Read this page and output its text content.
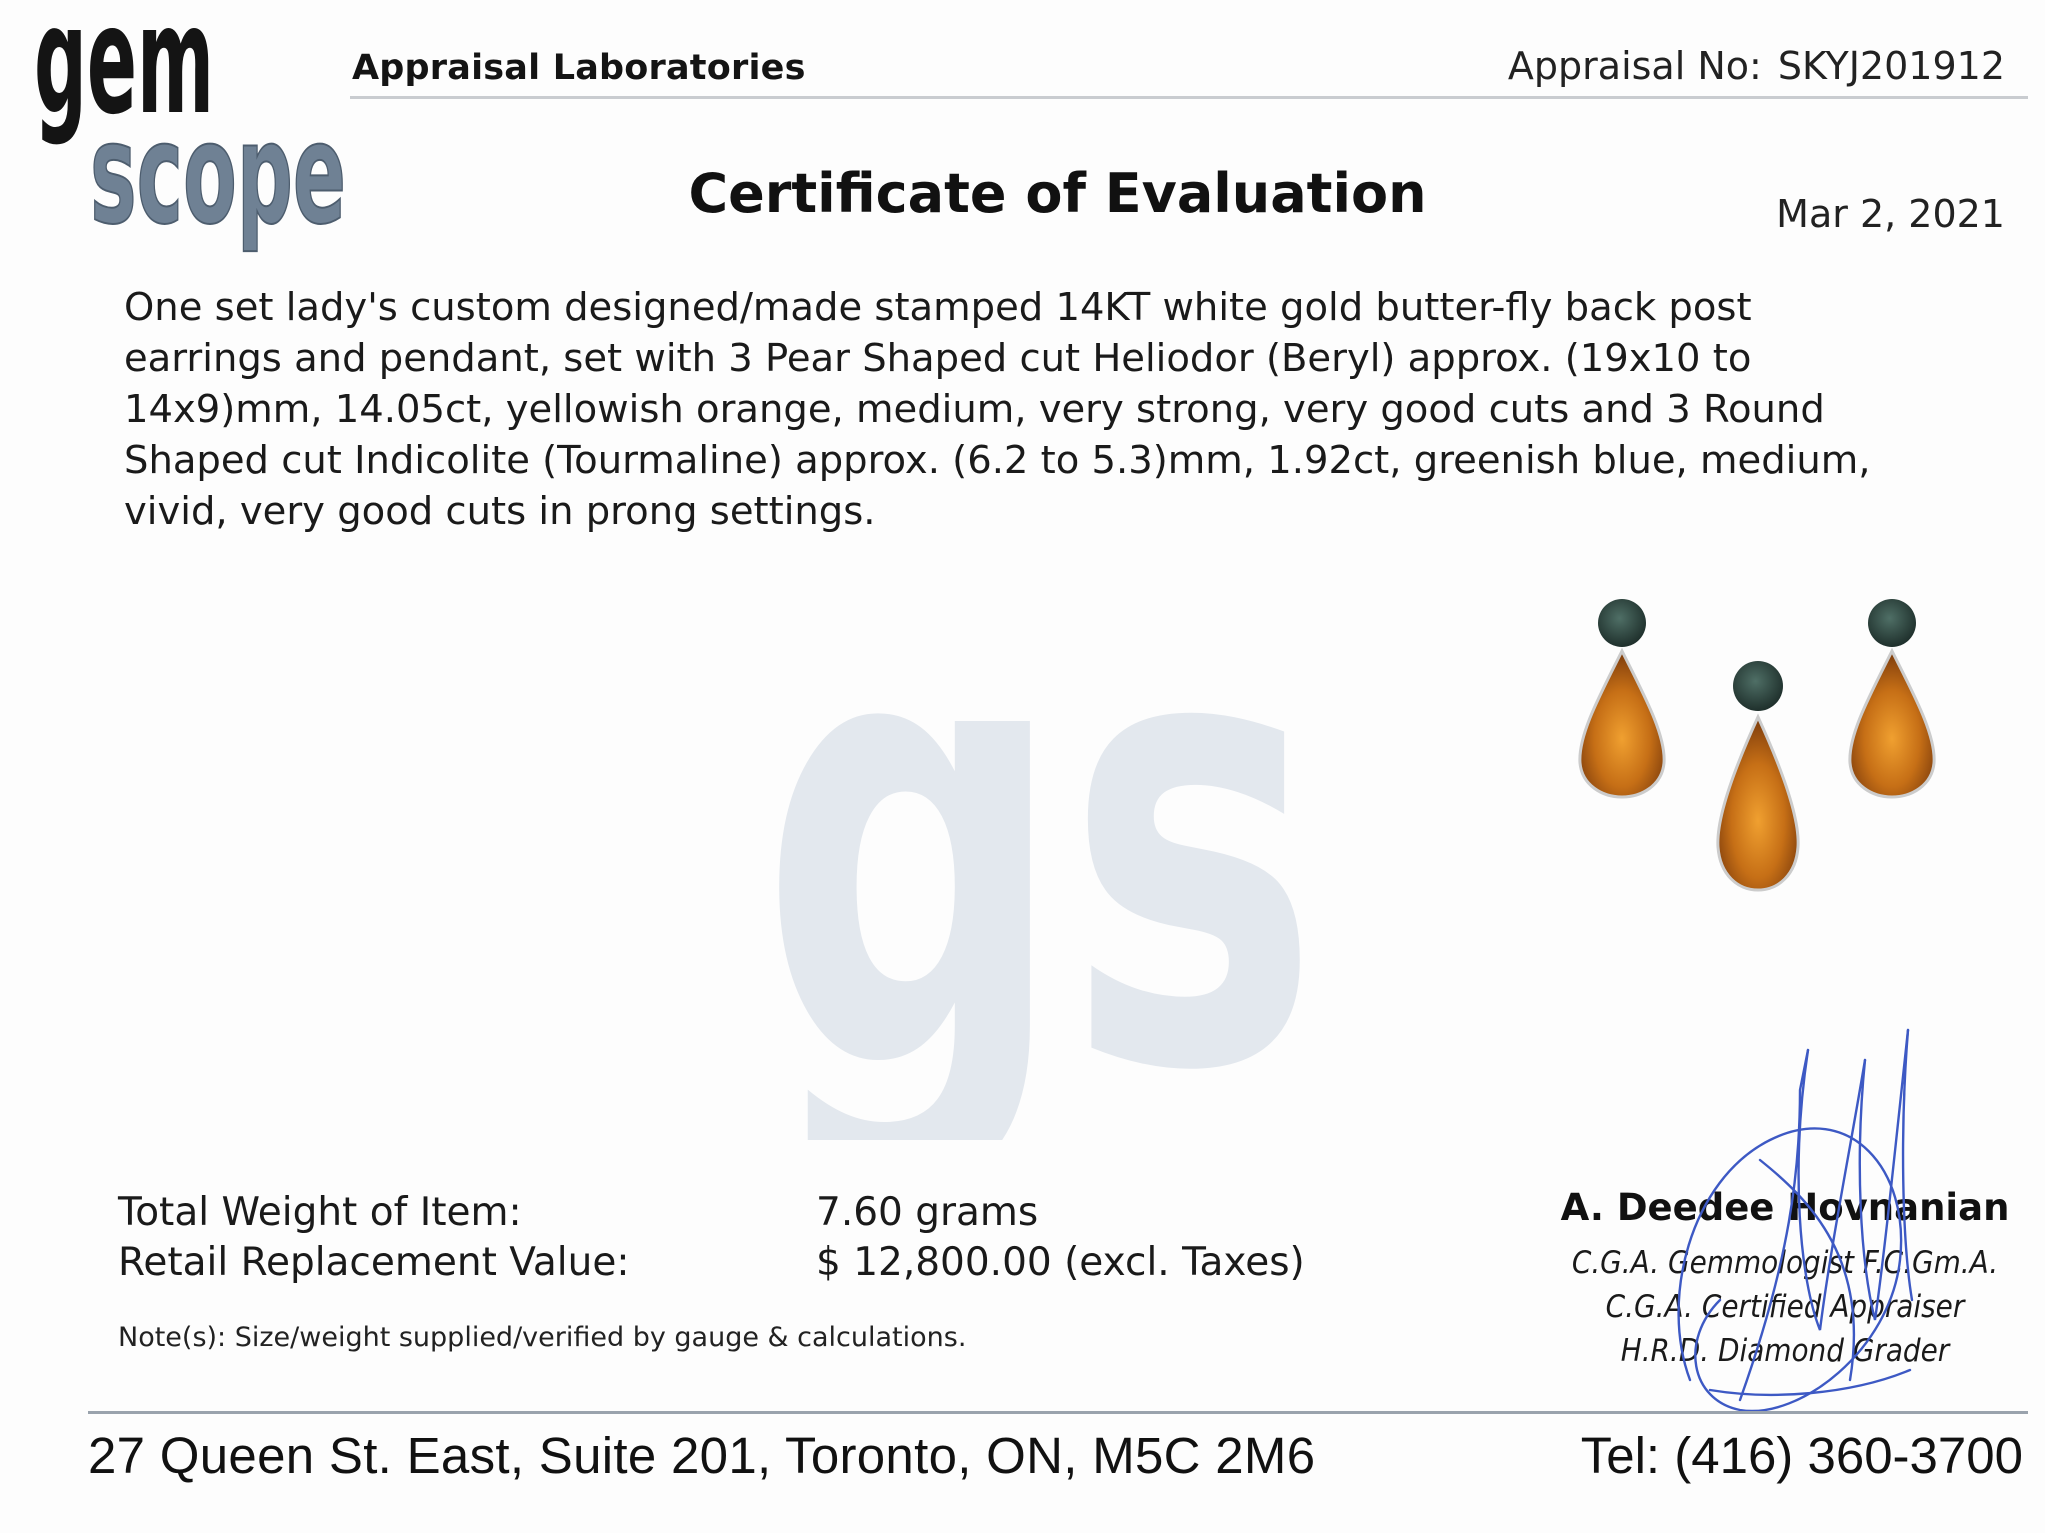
gem
scope
Appraisal Laboratories	Appraisal No: SKYJ201912
Certificate of Evaluation	Mar 2, 2021
gs
One set lady's custom designed/made stamped 14KT white gold butter-fly back post
earrings and pendant, set with 3 Pear Shaped cut Heliodor (Beryl) approx. (19x10 to
14x9)mm, 14.05ct, yellowish orange, medium, very strong, very good cuts and 3 Round
Shaped cut Indicolite (Tourmaline) approx. (6.2 to 5.3)mm, 1.92ct, greenish blue, medium,
vivid, very good cuts in prong settings.
Total Weight of Item:	7.60 grams
Retail Replacement Value:	$ 12,800.00 (excl. Taxes)
Note(s): Size/weight supplied/verified by gauge & calculations.
A. Deedee Hovnanian
C.G.A. Gemmologist F.C.Gm.A.
C.G.A. Certified Appraiser
H.R.D. Diamond Grader
27 Queen St. East, Suite 201, Toronto, ON, M5C 2M6	Tel: (416) 360-3700
